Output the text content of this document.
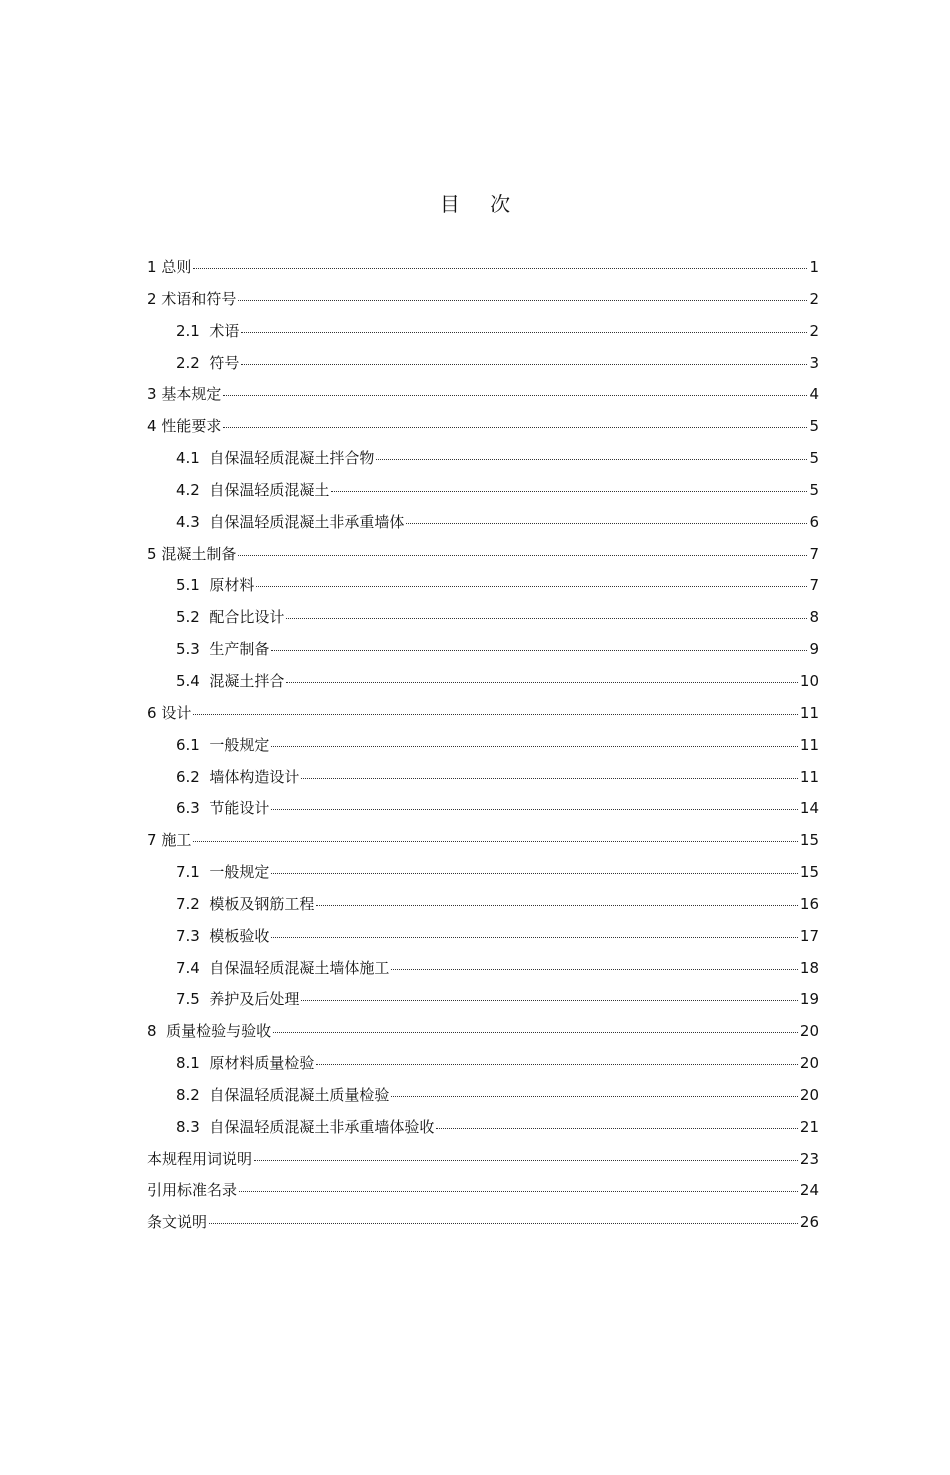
目 次
1 总则	1
2 术语和符号	2
2.1 术语	2
2.2 符号	3
3 基本规定	4
4 性能要求	5
4.1 自保温轻质混凝土拌合物	5
4.2 自保温轻质混凝土	5
4.3 自保温轻质混凝土非承重墙体	6
5 混凝土制备	7
5.1 原材料	7
5.2 配合比设计	8
5.3 生产制备	9
5.4 混凝土拌合	10
6 设计	11
6.1 一般规定	11
6.2 墙体构造设计	11
6.3 节能设计	14
7 施工	15
7.1 一般规定	15
7.2 模板及钢筋工程	16
7.3 模板验收	17
7.4 自保温轻质混凝土墙体施工	18
7.5 养护及后处理	19
8 质量检验与验收	20
8.1 原材料质量检验	20
8.2 自保温轻质混凝土质量检验	20
8.3 自保温轻质混凝土非承重墙体验收	21
本规程用词说明	23
引用标准名录	24
条文说明	26
